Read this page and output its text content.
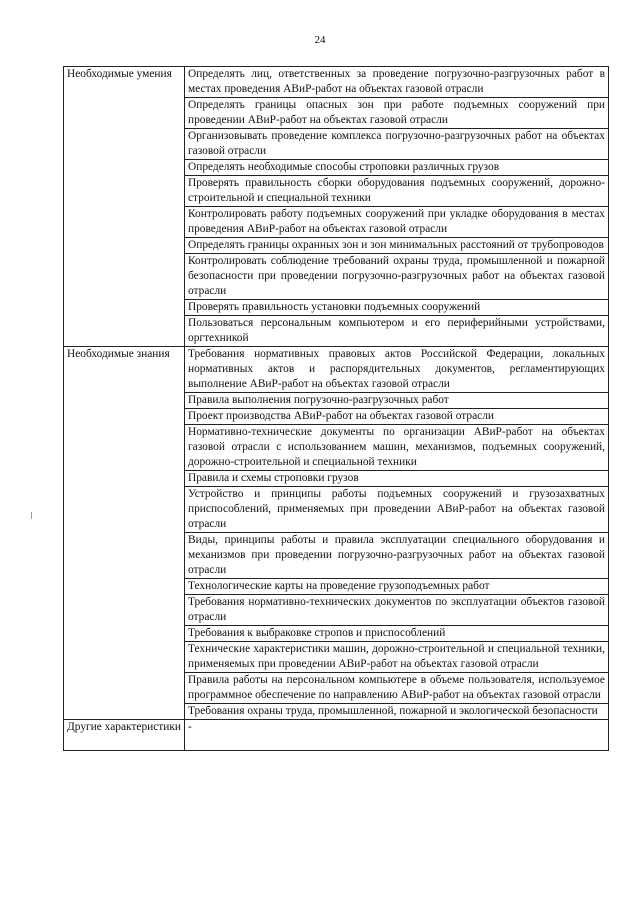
24
Необходимые умения	Определять лиц, ответственных за проведение погрузочно-разгрузочных работ в местах проведения АВиР-работ на объектах газовой отрасли
	Определять границы опасных зон при работе подъемных сооружений при проведении АВиР-работ на объектах газовой отрасли
	Организовывать проведение комплекса погрузочно-разгрузочных работ на объектах газовой отрасли
	Определять необходимые способы строповки различных грузов
	Проверять правильность сборки оборудования подъемных сооружений, дорожно-строительной и специальной техники
	Контролировать работу подъемных сооружений при укладке оборудования в местах проведения АВиР-работ на объектах газовой отрасли
	Определять границы охранных зон и зон минимальных расстояний от трубопроводов
	Контролировать соблюдение требований охраны труда, промышленной и пожарной безопасности при проведении погрузочно-разгрузочных работ на объектах газовой отрасли
	Проверять правильность установки подъемных сооружений
	Пользоваться персональным компьютером и его периферийными устройствами, оргтехникой
Необходимые знания	Требования нормативных правовых актов Российской Федерации, локальных нормативных актов и распорядительных документов, регламентирующих выполнение АВиР-работ на объектах газовой отрасли
	Правила выполнения погрузочно-разгрузочных работ
	Проект производства АВиР-работ на объектах газовой отрасли
	Нормативно-технические документы по организации АВиР-работ на объектах газовой отрасли с использованием машин, механизмов, подъемных сооружений, дорожно-строительной и специальной техники
	Правила и схемы строповки грузов
	Устройство и принципы работы подъемных сооружений и грузозахватных приспособлений, применяемых при проведении АВиР-работ на объектах газовой отрасли
	Виды, принципы работы и правила эксплуатации специального оборудования и механизмов при проведении погрузочно-разгрузочных работ на объектах газовой отрасли
	Технологические карты на проведение грузоподъемных работ
	Требования нормативно-технических документов по эксплуатации объектов газовой отрасли
	Требования к выбраковке стропов и приспособлений
	Технические характеристики машин, дорожно-строительной и специальной техники, применяемых при проведении АВиР-работ на объектах газовой отрасли
	Правила работы на персональном компьютере в объеме пользователя, используемое программное обеспечение по направлению АВиР-работ на объектах газовой отрасли
	Требования охраны труда, промышленной, пожарной и экологической безопасности
Другие характеристики	-
